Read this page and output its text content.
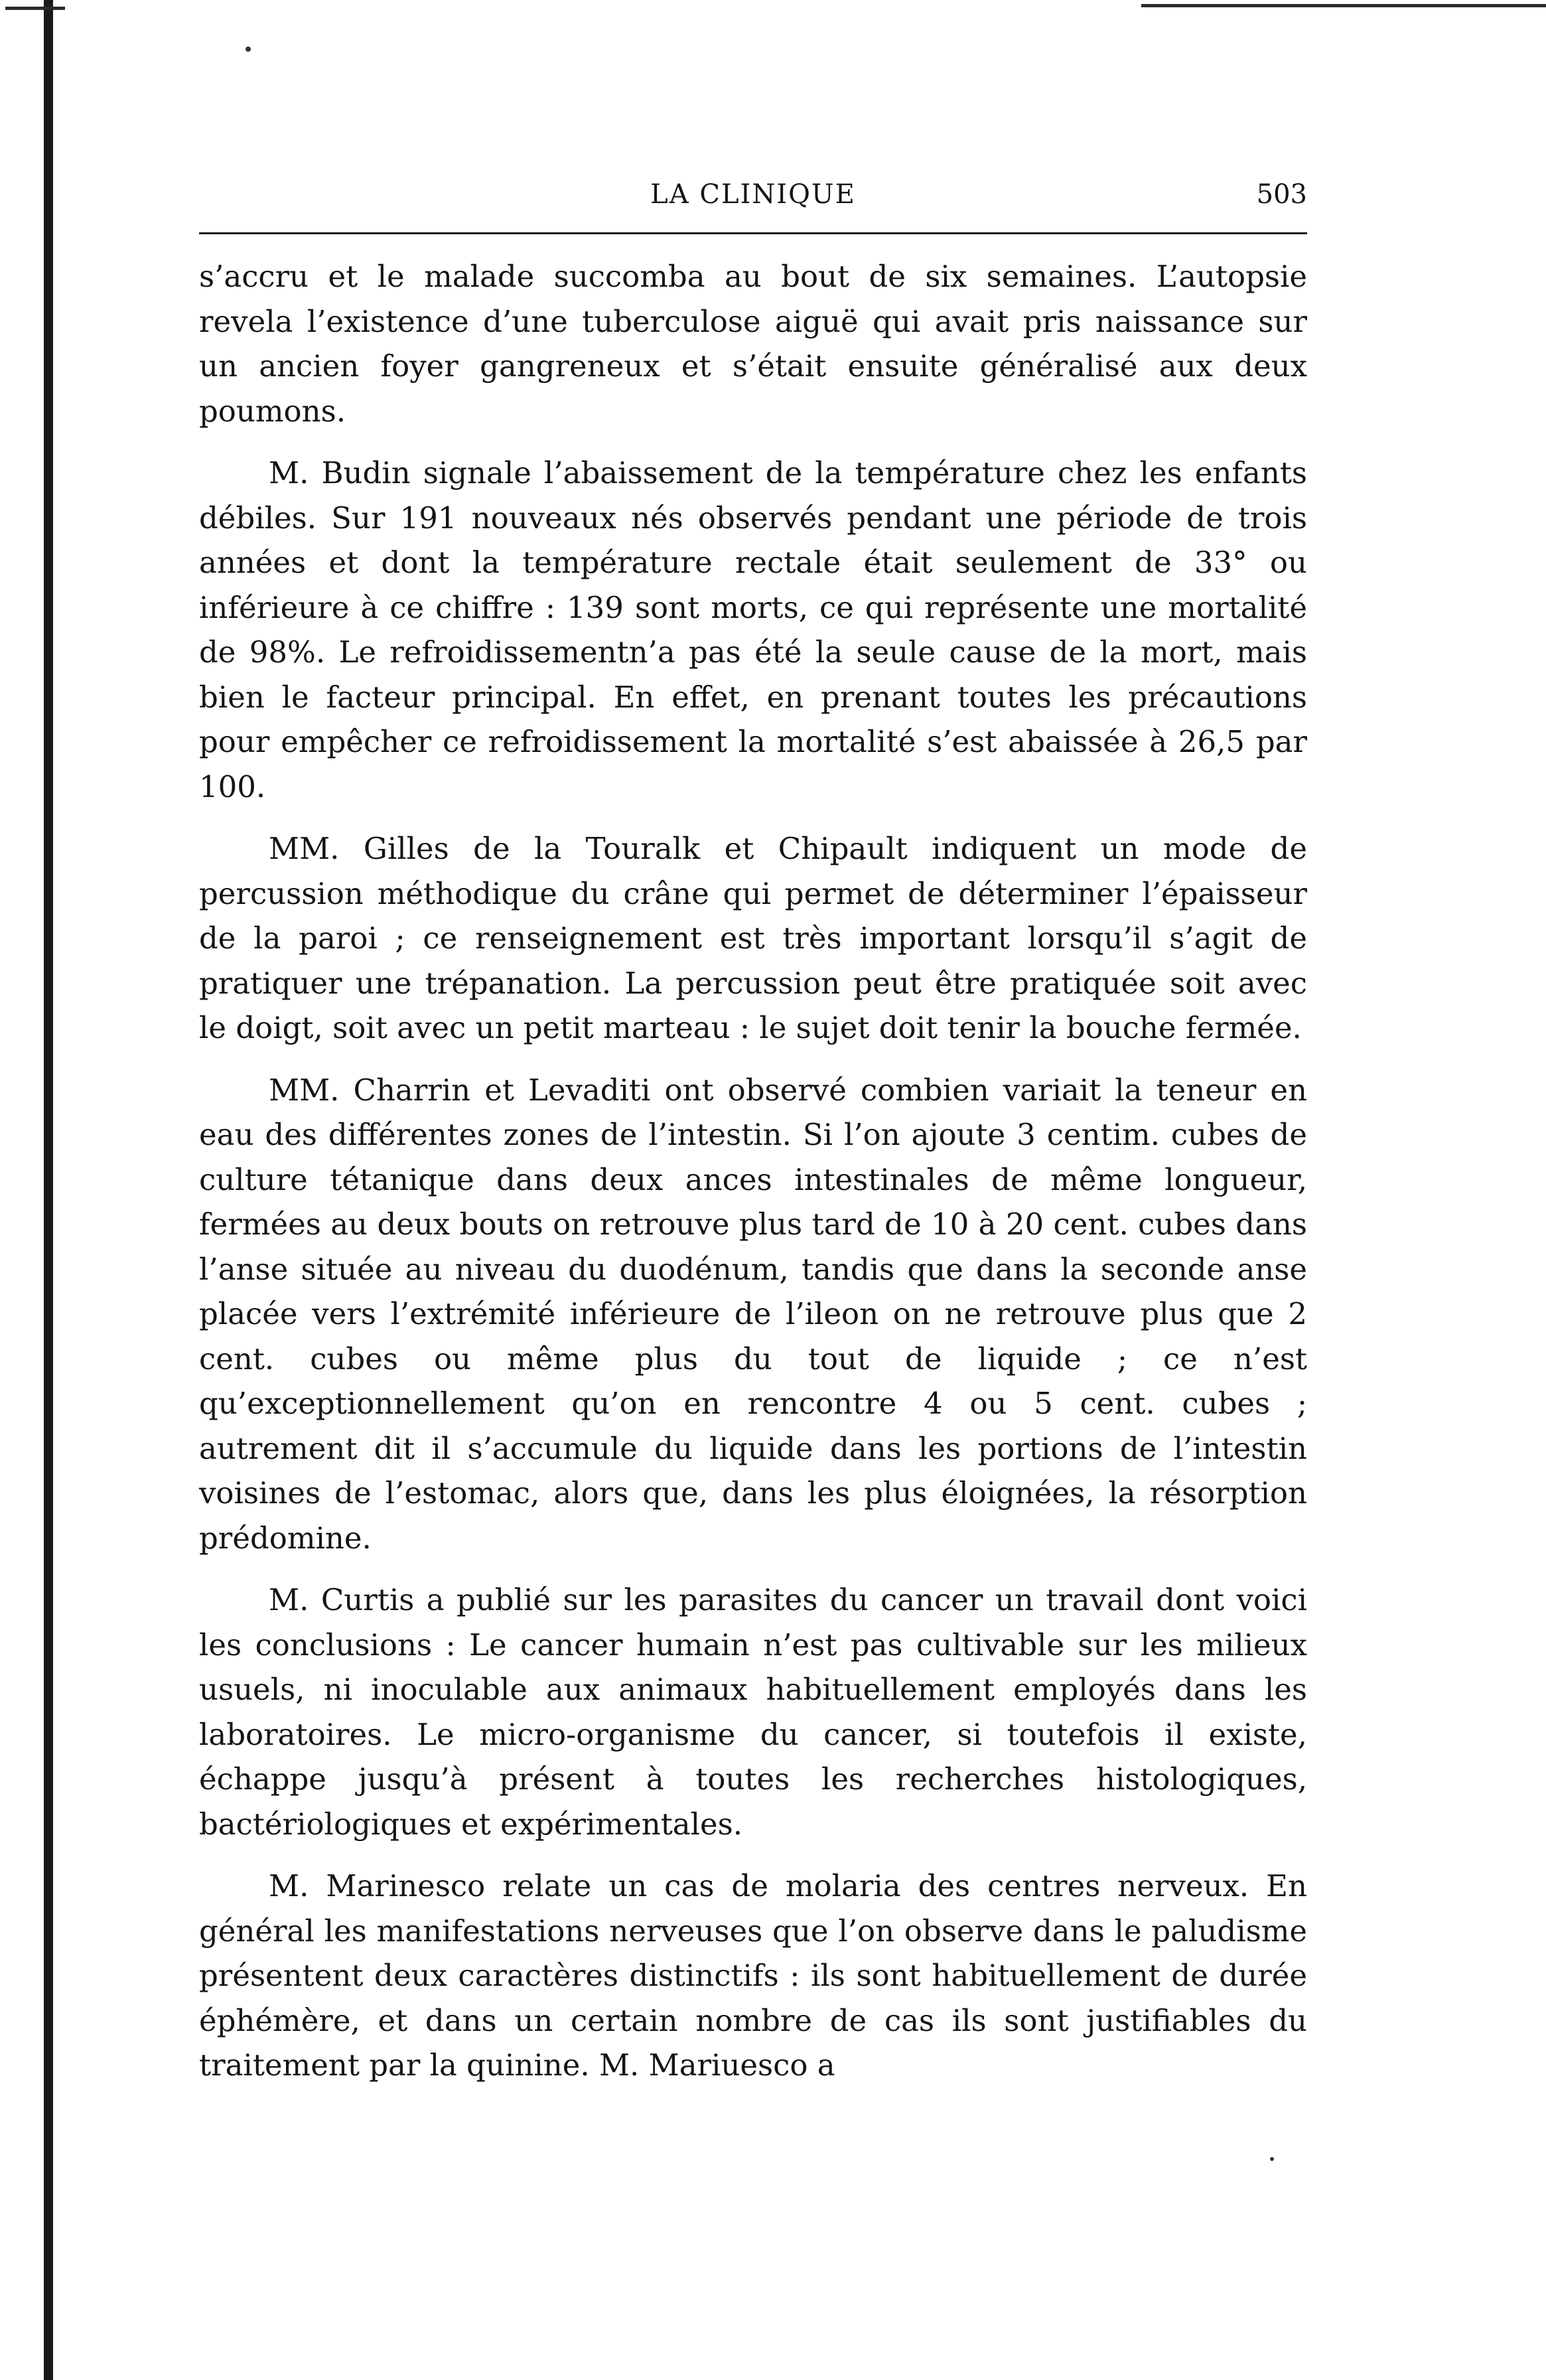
LA CLINIQUE	503

s’accru et le malade succomba au bout de six semaines. L’autopsie revela l’existence d’une tuberculose aiguë qui avait pris naissance sur un ancien foyer gangreneux et s’était ensuite généralisé aux deux poumons.

M. Budin signale l’abaissement de la température chez les enfants débiles. Sur 191 nouveaux nés observés pendant une période de trois années et dont la température rectale était seulement de 33° ou inférieure à ce chiffre : 139 sont morts, ce qui représente une mortalité de 98%. Le refroidissementn’a pas été la seule cause de la mort, mais bien le facteur principal. En effet, en prenant toutes les précautions pour empêcher ce refroidissement la mortalité s’est abaissée à 26,5 par 100.

MM. Gilles de la Touralk et Chipault indiquent un mode de percussion méthodique du crâne qui permet de déterminer l’épaisseur de la paroi ; ce renseignement est très important lorsqu’il s’agit de pratiquer une trépanation. La percussion peut être pratiquée soit avec le doigt, soit avec un petit marteau : le sujet doit tenir la bouche fermée.

MM. Charrin et Levaditi ont observé combien variait la teneur en eau des différentes zones de l’intestin. Si l’on ajoute 3 centim. cubes de culture tétanique dans deux ances intestinales de même longueur, fermées au deux bouts on retrouve plus tard de 10 à 20 cent. cubes dans l’anse située au niveau du duodénum, tandis que dans la seconde anse placée vers l’extrémité inférieure de l’ileon on ne retrouve plus que 2 cent. cubes ou même plus du tout de liquide ; ce n’est qu’exceptionnellement qu’on en rencontre 4 ou 5 cent. cubes ; autrement dit il s’accumule du liquide dans les portions de l’intestin voisines de l’estomac, alors que, dans les plus éloignées, la résorption prédomine.

M. Curtis a publié sur les parasites du cancer un travail dont voici les conclusions : Le cancer humain n’est pas cultivable sur les milieux usuels, ni inoculable aux animaux habituellement employés dans les laboratoires. Le micro-organisme du cancer, si toutefois il existe, échappe jusqu’à présent à toutes les recherches histologiques, bactériologiques et expérimentales.

M. Marinesco relate un cas de molaria des centres nerveux. En général les manifestations nerveuses que l’on observe dans le paludisme présentent deux caractères distinctifs : ils sont habituellement de durée éphémère, et dans un certain nombre de cas ils sont justifiables du traitement par la quinine. M. Mariuesco a
